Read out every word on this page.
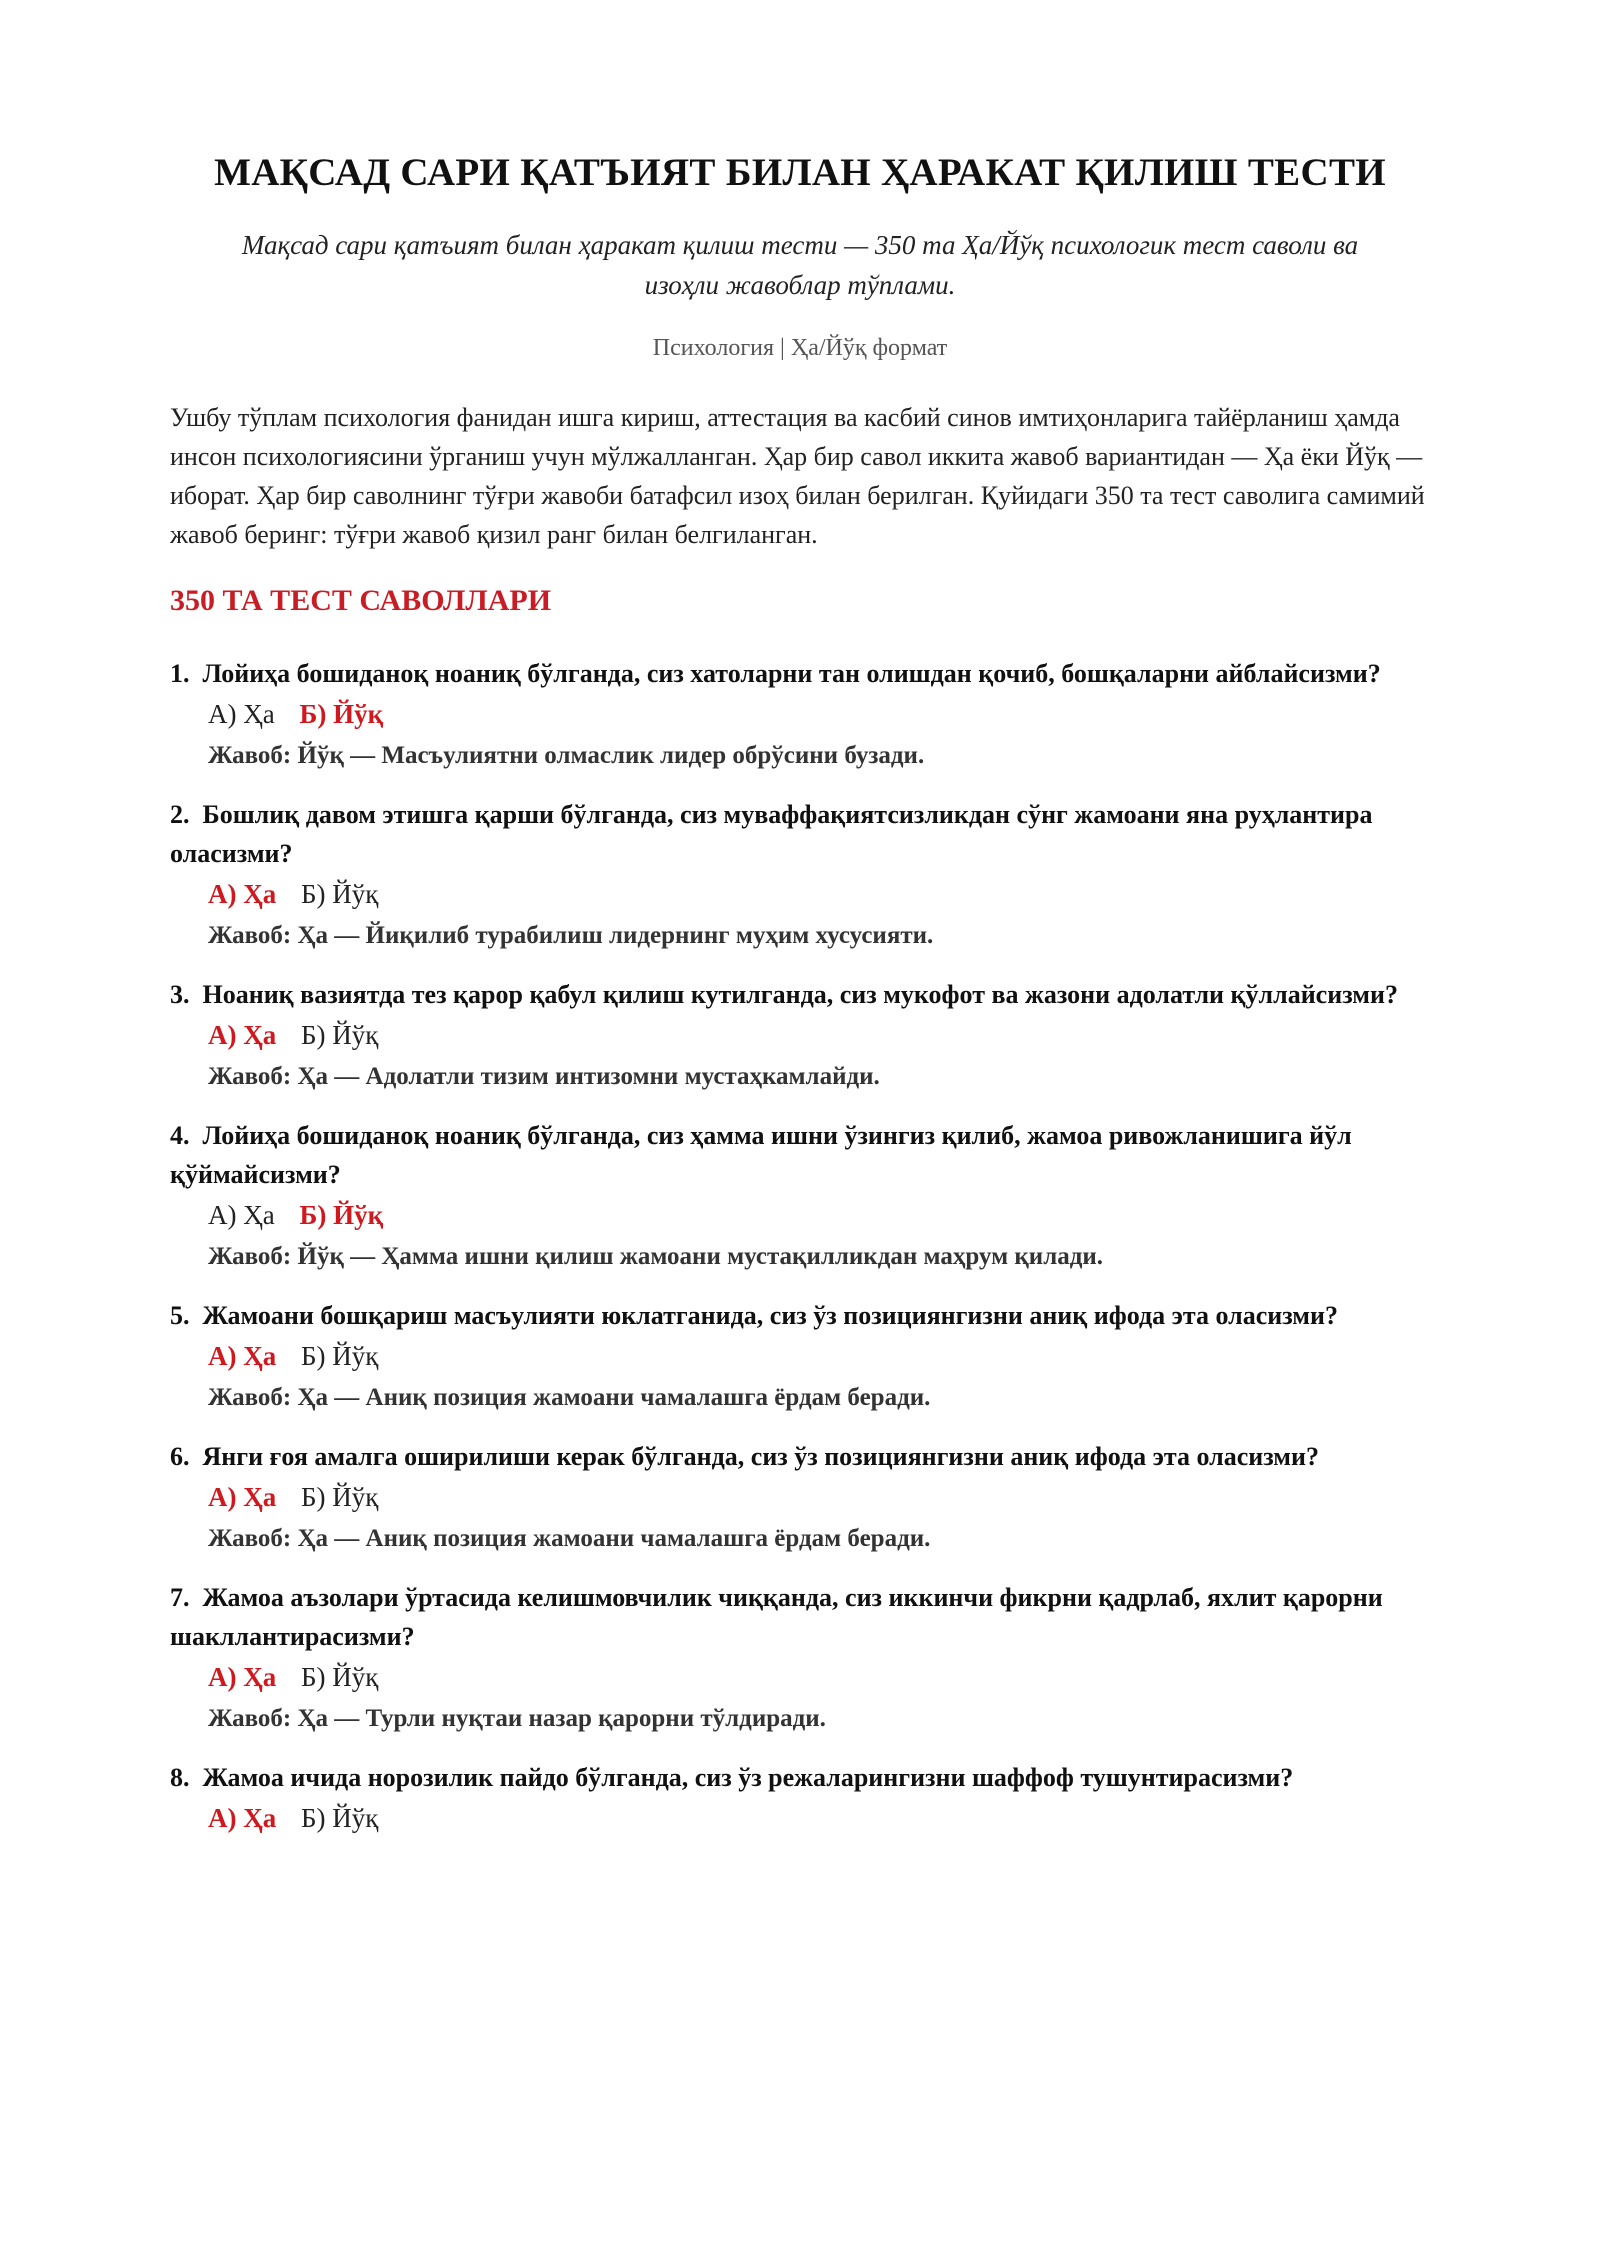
МАҚСАД САРИ ҚАТЪИЯТ БИЛАН ҲАРАКАТ ҚИЛИШ ТЕСТИ
Мақсад сари қатъият билан ҳаракат қилиш тести — 350 та Ҳа/Йўқ психологик тест саволи ва изоҳли жавоблар тўплами.
Психология | Ҳа/Йўқ формат
Ушбу тўплам психология фанидан ишга кириш, аттестация ва касбий синов имтиҳонларига тайёрланиш ҳамда инсон психологиясини ўрганиш учун мўлжалланган. Ҳар бир савол иккита жавоб вариантидан — Ҳа ёки Йўқ — иборат. Ҳар бир саволнинг тўғри жавоби батафсил изоҳ билан берилган. Қуйидаги 350 та тест саволига самимий жавоб беринг: тўғри жавоб қизил ранг билан белгиланган.
350 ТА ТЕСТ САВОЛЛАРИ
1. Лойиҳа бошиданоқ ноаниқ бўлганда, сиз хатоларни тан олишдан қочиб, бошқаларни айблайсизми?
А) Ҳа Б) Йўқ
Жавоб: Йўқ — Масъулиятни олмаслик лидер обрўсини бузади.
2. Бошлиқ давом этишга қарши бўлганда, сиз муваффақиятсизликдан сўнг жамоани яна руҳлантира оласизми?
А) Ҳа Б) Йўқ
Жавоб: Ҳа — Йиқилиб турабилиш лидернинг муҳим хусусияти.
3. Ноаниқ вазиятда тез қарор қабул қилиш кутилганда, сиз мукофот ва жазони адолатли қўллайсизми?
А) Ҳа Б) Йўқ
Жавоб: Ҳа — Адолатли тизим интизомни мустаҳкамлайди.
4. Лойиҳа бошиданоқ ноаниқ бўлганда, сиз ҳамма ишни ўзингиз қилиб, жамоа ривожланишига йўл қўймайсизми?
А) Ҳа Б) Йўқ
Жавоб: Йўқ — Ҳамма ишни қилиш жамоани мустақилликдан маҳрум қилади.
5. Жамоани бошқариш масъулияти юклатганида, сиз ўз позициянгизни аниқ ифода эта оласизми?
А) Ҳа Б) Йўқ
Жавоб: Ҳа — Аниқ позиция жамоани чамалашга ёрдам беради.
6. Янги ғоя амалга оширилиши керак бўлганда, сиз ўз позициянгизни аниқ ифода эта оласизми?
А) Ҳа Б) Йўқ
Жавоб: Ҳа — Аниқ позиция жамоани чамалашга ёрдам беради.
7. Жамоа аъзолари ўртасида келишмовчилик чиққанда, сиз иккинчи фикрни қадрлаб, яхлит қарорни шакллантирасизми?
А) Ҳа Б) Йўқ
Жавоб: Ҳа — Турли нуқтаи назар қарорни тўлдиради.
8. Жамоа ичида норозилик пайдо бўлганда, сиз ўз режаларингизни шаффоф тушунтирасизми?
А) Ҳа Б) Йўқ
